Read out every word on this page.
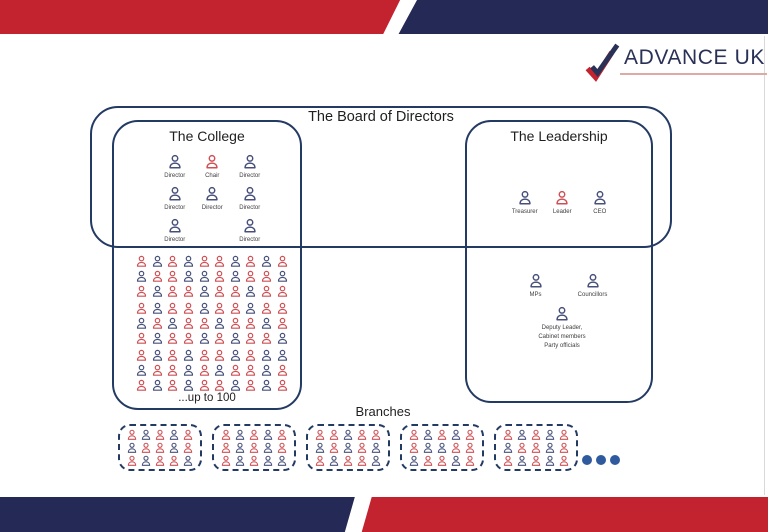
ADVANCE UK
The Board of Directors
The College
Director	Chair	Director
Director	Director	Director
Director	Director
...up to 100
The Leadership
Treasurer	Leader	CEO
MPs	Councillors
Deputy Leader,
Cabinet members
Party officials
Branches
